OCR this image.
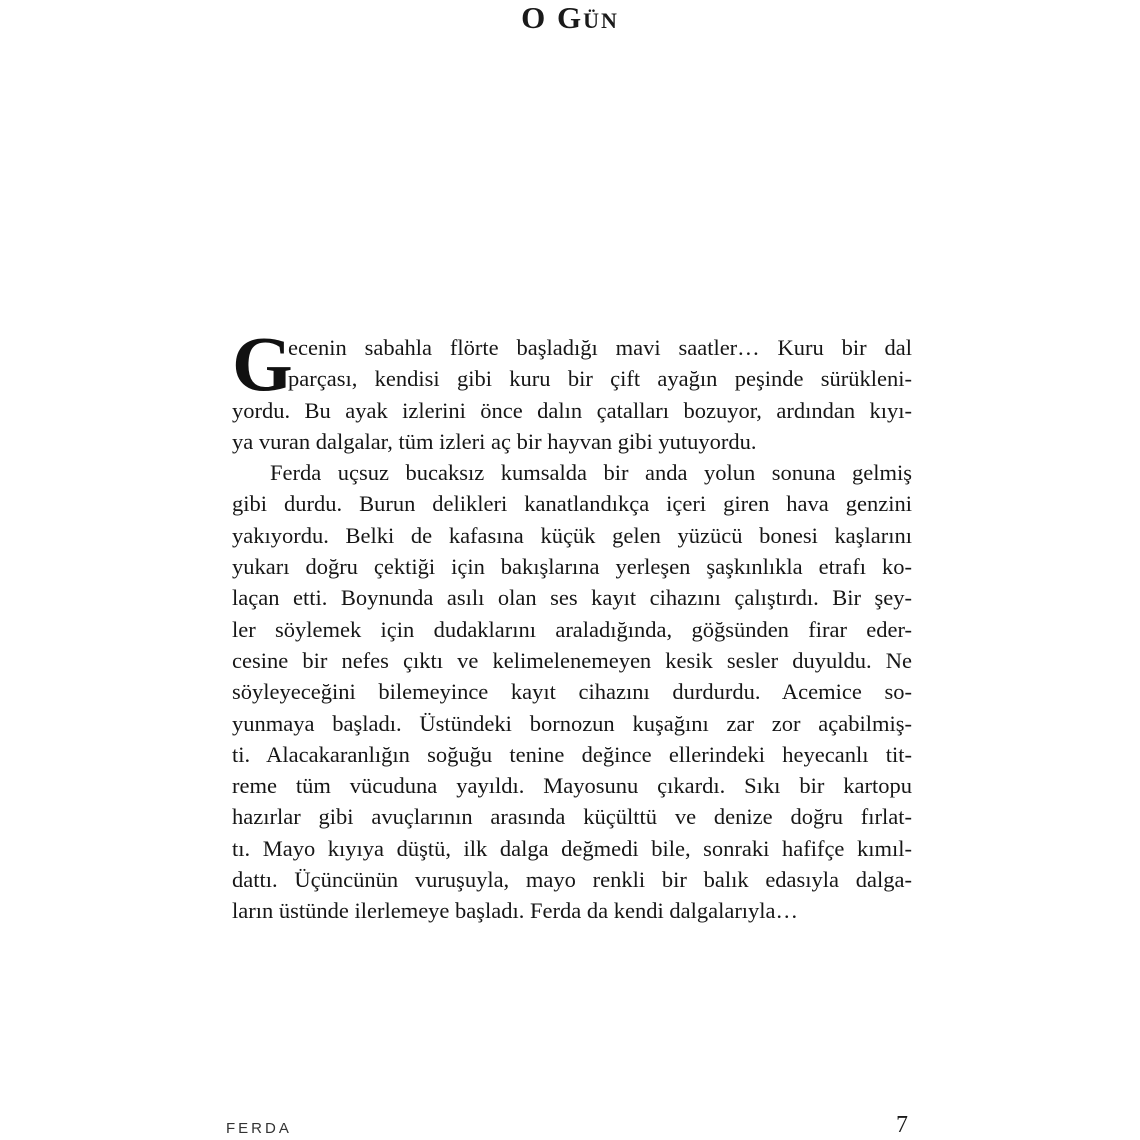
O Gün
G
ecenin sabahla flörte başladığı mavi saatler… Kuru bir dal
parçası, kendisi gibi kuru bir çift ayağın peşinde sürükleni-
yordu. Bu ayak izlerini önce dalın çatalları bozuyor, ardından kıyı-
ya vuran dalgalar, tüm izleri aç bir hayvan gibi yutuyordu.
Ferda uçsuz bucaksız kumsalda bir anda yolun sonuna gelmiş
gibi durdu. Burun delikleri kanatlandıkça içeri giren hava genzini
yakıyordu. Belki de kafasına küçük gelen yüzücü bonesi kaşlarını
yukarı doğru çektiği için bakışlarına yerleşen şaşkınlıkla etrafı ko-
laçan etti. Boynunda asılı olan ses kayıt cihazını çalıştırdı. Bir şey-
ler söylemek için dudaklarını araladığında, göğsünden firar eder-
cesine bir nefes çıktı ve kelimelenemeyen kesik sesler duyuldu. Ne
söyleyeceğini bilemeyince kayıt cihazını durdurdu. Acemice so-
yunmaya başladı. Üstündeki bornozun kuşağını zar zor açabilmiş-
ti. Alacakaranlığın soğuğu tenine değince ellerindeki heyecanlı tit-
reme tüm vücuduna yayıldı. Mayosunu çıkardı. Sıkı bir kartopu
hazırlar gibi avuçlarının arasında küçülttü ve denize doğru fırlat-
tı. Mayo kıyıya düştü, ilk dalga değmedi bile, sonraki hafifçe kımıl-
dattı. Üçüncünün vuruşuyla, mayo renkli bir balık edasıyla dalga-
ların üstünde ilerlemeye başladı. Ferda da kendi dalgalarıyla…
FERDA	7
